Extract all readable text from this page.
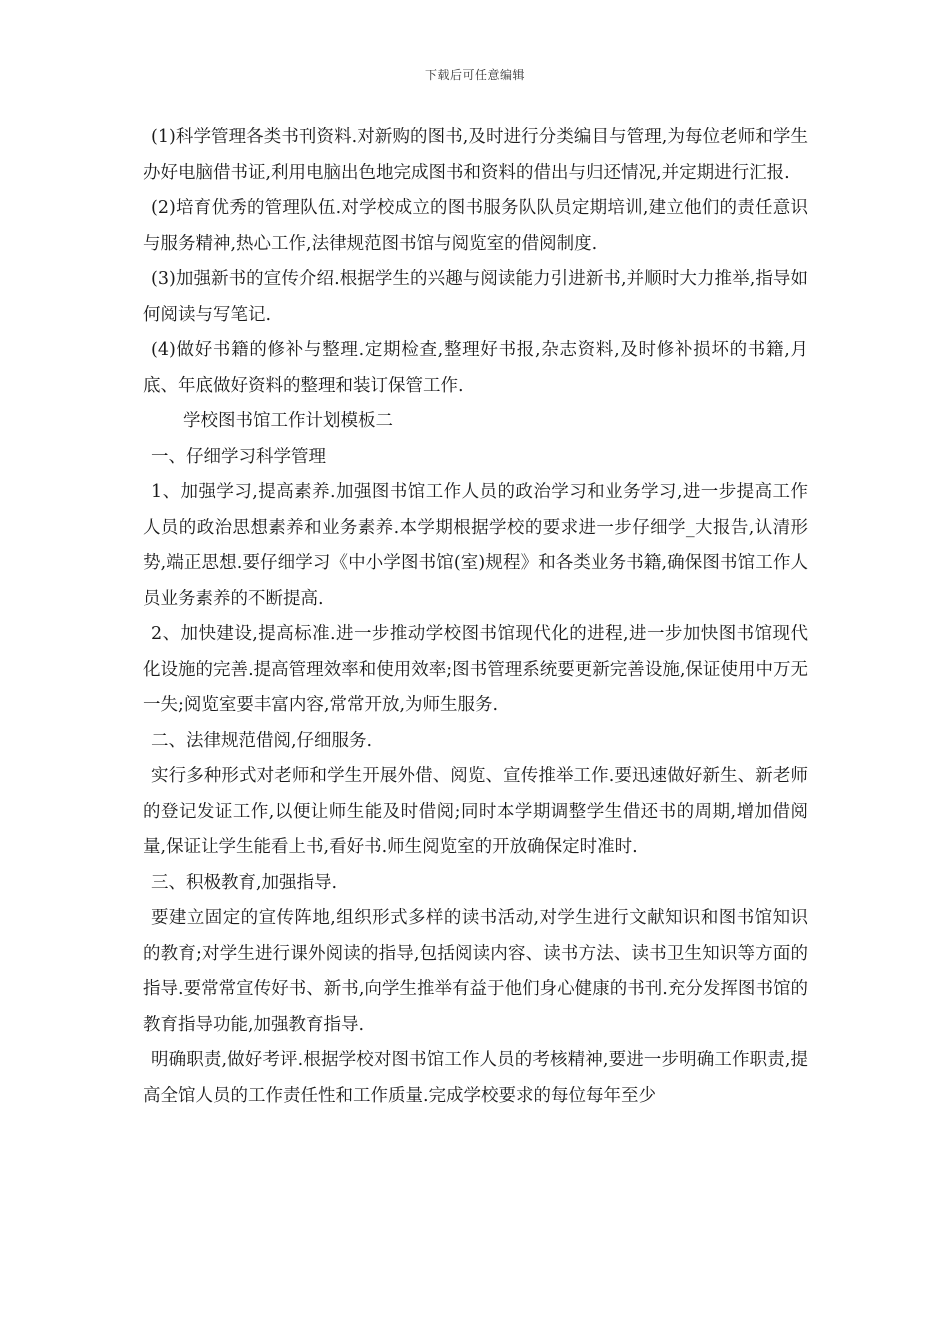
下载后可任意编辑

(1)科学管理各类书刊资料.对新购的图书,及时进行分类编目与管理,为每位老师和学生办好电脑借书证,利用电脑出色地完成图书和资料的借出与归还情况,并定期进行汇报.

(2)培育优秀的管理队伍.对学校成立的图书服务队队员定期培训,建立他们的责任意识与服务精神,热心工作,法律规范图书馆与阅览室的借阅制度.

(3)加强新书的宣传介绍.根据学生的兴趣与阅读能力引进新书,并顺时大力推举,指导如何阅读与写笔记.

(4)做好书籍的修补与整理.定期检查,整理好书报,杂志资料,及时修补损坏的书籍,月底、年底做好资料的整理和装订保管工作.

学校图书馆工作计划模板二

一、仔细学习科学管理

1、加强学习,提高素养.加强图书馆工作人员的政治学习和业务学习,进一步提高工作人员的政治思想素养和业务素养.本学期根据学校的要求进一步仔细学_大报告,认清形势,端正思想.要仔细学习《中小学图书馆(室)规程》和各类业务书籍,确保图书馆工作人员业务素养的不断提高.

2、加快建设,提高标准.进一步推动学校图书馆现代化的进程,进一步加快图书馆现代化设施的完善.提高管理效率和使用效率;图书管理系统要更新完善设施,保证使用中万无一失;阅览室要丰富内容,常常开放,为师生服务.

二、法律规范借阅,仔细服务.

实行多种形式对老师和学生开展外借、阅览、宣传推举工作.要迅速做好新生、新老师的登记发证工作,以便让师生能及时借阅;同时本学期调整学生借还书的周期,增加借阅量,保证让学生能看上书,看好书.师生阅览室的开放确保定时准时.

三、积极教育,加强指导.

要建立固定的宣传阵地,组织形式多样的读书活动,对学生进行文献知识和图书馆知识的教育;对学生进行课外阅读的指导,包括阅读内容、读书方法、读书卫生知识等方面的指导.要常常宣传好书、新书,向学生推举有益于他们身心健康的书刊.充分发挥图书馆的教育指导功能,加强教育指导.

明确职责,做好考评.根据学校对图书馆工作人员的考核精神,要进一步明确工作职责,提高全馆人员的工作责任性和工作质量.完成学校要求的每位每年至少
